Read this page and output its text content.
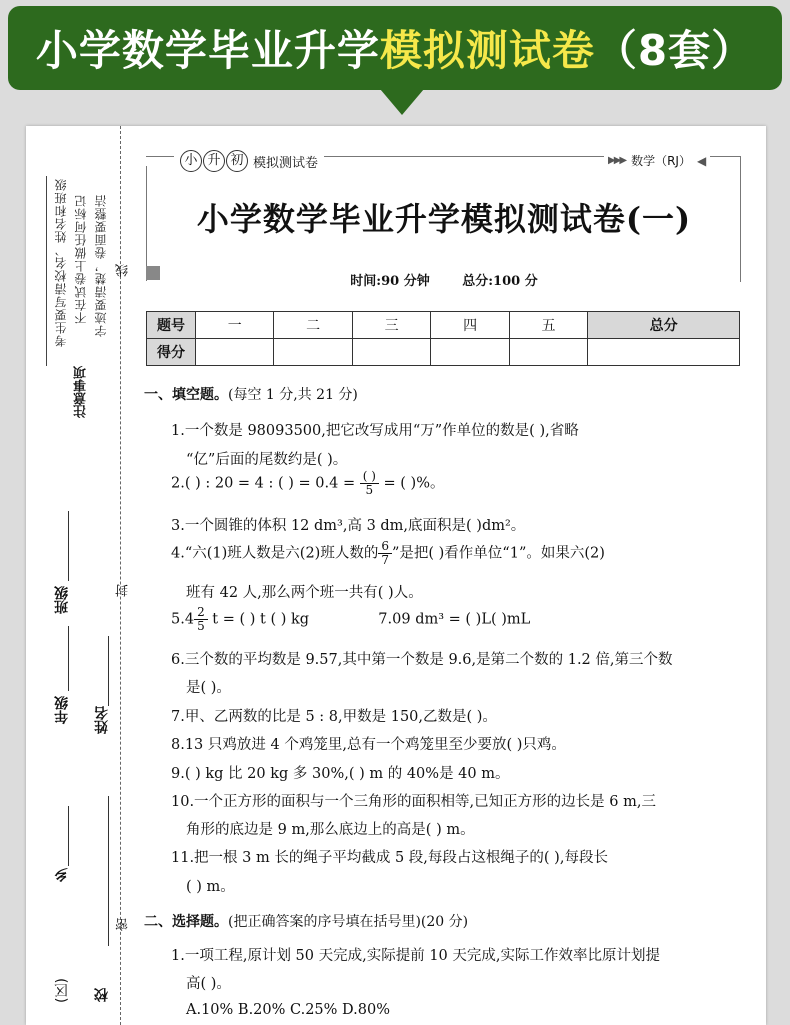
小学数学毕业升学模拟测试卷（8套）
考生要写清校名、姓名和班级 不在试卷上做任何标记 字迹要清楚，卷面要整洁
注意事项
线
封
密
班级
姓名
年级
乡
(区) 校
小 升 初 模拟测试卷	▶▶▶ 数学（RJ） ◀
小学数学毕业升学模拟测试卷(一)
时间:90 分钟	总分:100 分
题号	一	二	三	四	五	总分
得分						
一、填空题。(每空 1 分,共 21 分)
1.一个数是 98093500,把它改写成用“万”作单位的数是( ),省略
“亿”后面的尾数约是( )。
2.( ) : 20 = 4 : ( ) = $0.4 = \frac{( )}{5}$ = ( )%。
3.一个圆锥的体积 12 dm³,高 3 dm,底面积是( )dm²。
4.“六(1)班人数是六(2)班人数的 $\frac{6}{7}$ ”是把( )看作单位“1”。如果六(2)
班有 42 人,那么两个班一共有( )人。
$5.4 \frac{2}{5}$ t = ( ) t ( ) kg	7.09 dm³ = ( )L( )mL
6.三个数的平均数是 9.57,其中第一个数是 9.6,是第二个数的 1.2 倍,第三个数
是( )。
7.甲、乙两数的比是 5 : 8,甲数是 150,乙数是( )。
8.13 只鸡放进 4 个鸡笼里,总有一个鸡笼里至少要放( )只鸡。
9.( ) kg 比 20 kg 多 30%,( ) m 的 40%是 40 m。
10.一个正方形的面积与一个三角形的面积相等,已知正方形的边长是 6 m,三
角形的底边是 9 m,那么底边上的高是( ) m。
11.把一根 3 m 长的绳子平均截成 5 段,每段占这根绳子的( ),每段长
( ) m。
二、选择题。(把正确答案的序号填在括号里)(20 分)
1.一项工程,原计划 50 天完成,实际提前 10 天完成,实际工作效率比原计划提
高( )。
A.10% B.20% C.25% D.80%
